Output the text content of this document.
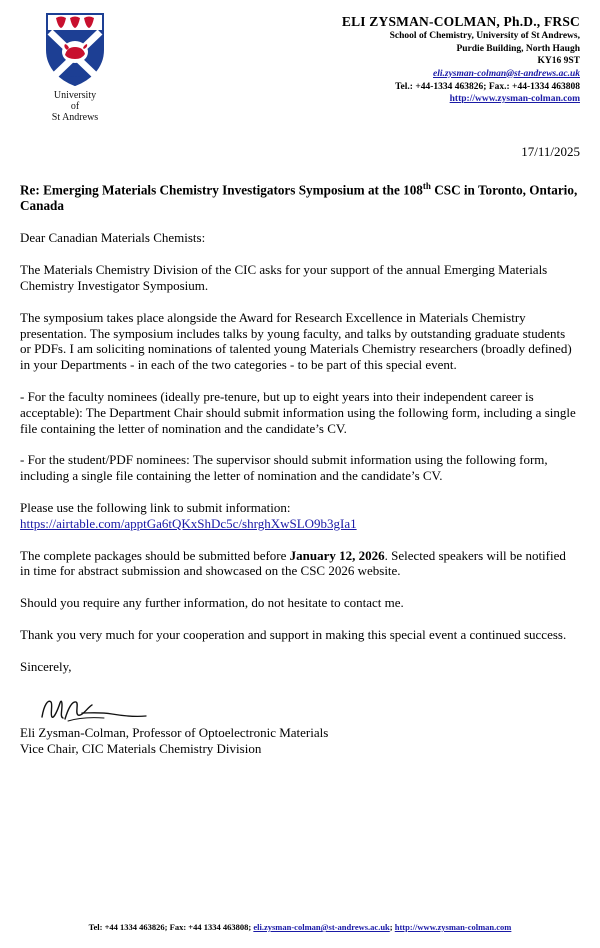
University
of
St Andrews
ELI ZYSMAN-COLMAN, Ph.D., FRSC
School of Chemistry, University of St Andrews,
Purdie Building, North Haugh
KY16 9ST
eli.zysman-colman@st-andrews.ac.uk
Tel.: +44-1334 463826; Fax.: +44-1334 463808
http://www.zysman-colman.com
17/11/2025
Re: Emerging Materials Chemistry Investigators Symposium at the 108th CSC in Toronto, Ontario, Canada

Dear Canadian Materials Chemists:

The Materials Chemistry Division of the CIC asks for your support of the annual Emerging Materials Chemistry Investigator Symposium.

The symposium takes place alongside the Award for Research Excellence in Materials Chemistry presentation. The symposium includes talks by young faculty, and talks by outstanding graduate students or PDFs. I am soliciting nominations of talented young Materials Chemistry researchers (broadly defined) in your Departments - in each of the two categories - to be part of this special event.

- For the faculty nominees (ideally pre-tenure, but up to eight years into their independent career is acceptable): The Department Chair should submit information using the following form, including a single file containing the letter of nomination and the candidate’s CV.

- For the student/PDF nominees: The supervisor should submit information using the following form, including a single file containing the letter of nomination and the candidate’s CV.

Please use the following link to submit information:
https://airtable.com/apptGa6tQKxShDc5c/shrghXwSLO9b3gIa1

The complete packages should be submitted before January 12, 2026. Selected speakers will be notified in time for abstract submission and showcased on the CSC 2026 website.

Should you require any further information, do not hesitate to contact me.

Thank you very much for your cooperation and support in making this special event a continued success.

Sincerely,

Eli Zysman-Colman, Professor of Optoelectronic Materials

Vice Chair, CIC Materials Chemistry Division

Tel: +44 1334 463826; Fax: +44 1334 463808; eli.zysman-colman@st-andrews.ac.uk; http://www.zysman-colman.com
